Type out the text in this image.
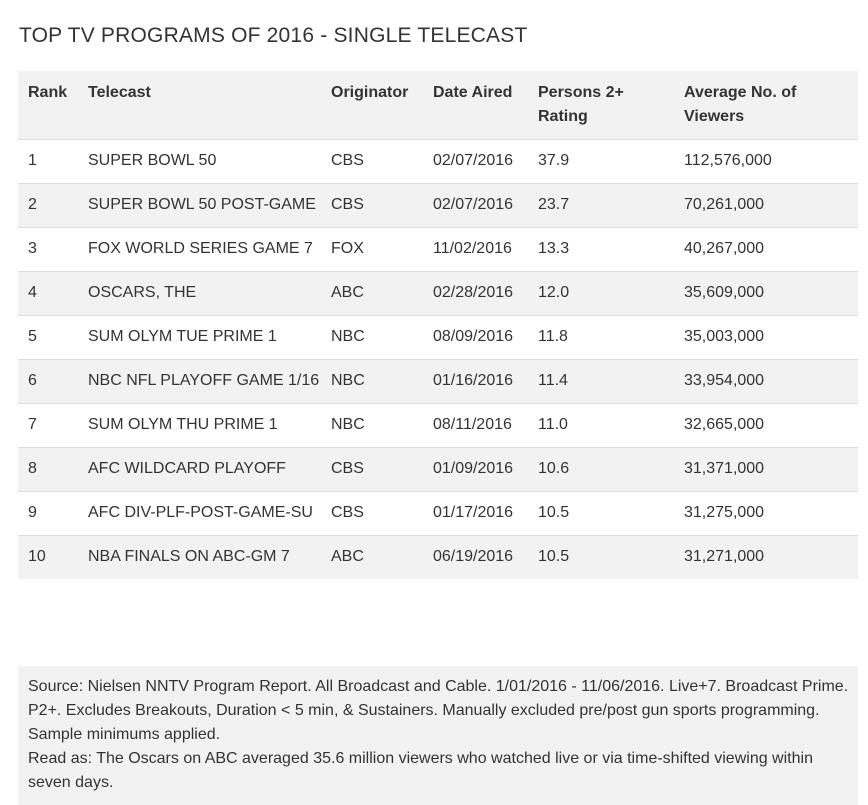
TOP TV PROGRAMS OF 2016 - SINGLE TELECAST
Rank	Telecast	Originator	Date Aired	Persons 2+ Rating	Average No. of Viewers
1	SUPER BOWL 50	CBS	02/07/2016	37.9	112,576,000
2	SUPER BOWL 50 POST-GAME	CBS	02/07/2016	23.7	70,261,000
3	FOX WORLD SERIES GAME 7	FOX	11/02/2016	13.3	40,267,000
4	OSCARS, THE	ABC	02/28/2016	12.0	35,609,000
5	SUM OLYM TUE PRIME 1	NBC	08/09/2016	11.8	35,003,000
6	NBC NFL PLAYOFF GAME 1/16	NBC	01/16/2016	11.4	33,954,000
7	SUM OLYM THU PRIME 1	NBC	08/11/2016	11.0	32,665,000
8	AFC WILDCARD PLAYOFF	CBS	01/09/2016	10.6	31,371,000
9	AFC DIV-PLF-POST-GAME-SU	CBS	01/17/2016	10.5	31,275,000
10	NBA FINALS ON ABC-GM 7	ABC	06/19/2016	10.5	31,271,000

Source: Nielsen NNTV Program Report. All Broadcast and Cable. 1/01/2016 - 11/06/2016. Live+7. Broadcast Prime. P2+. Excludes Breakouts, Duration < 5 min, & Sustainers. Manually excluded pre/post gun sports programming. Sample minimums applied.

Read as: The Oscars on ABC averaged 35.6 million viewers who watched live or via time-shifted viewing within seven days.
